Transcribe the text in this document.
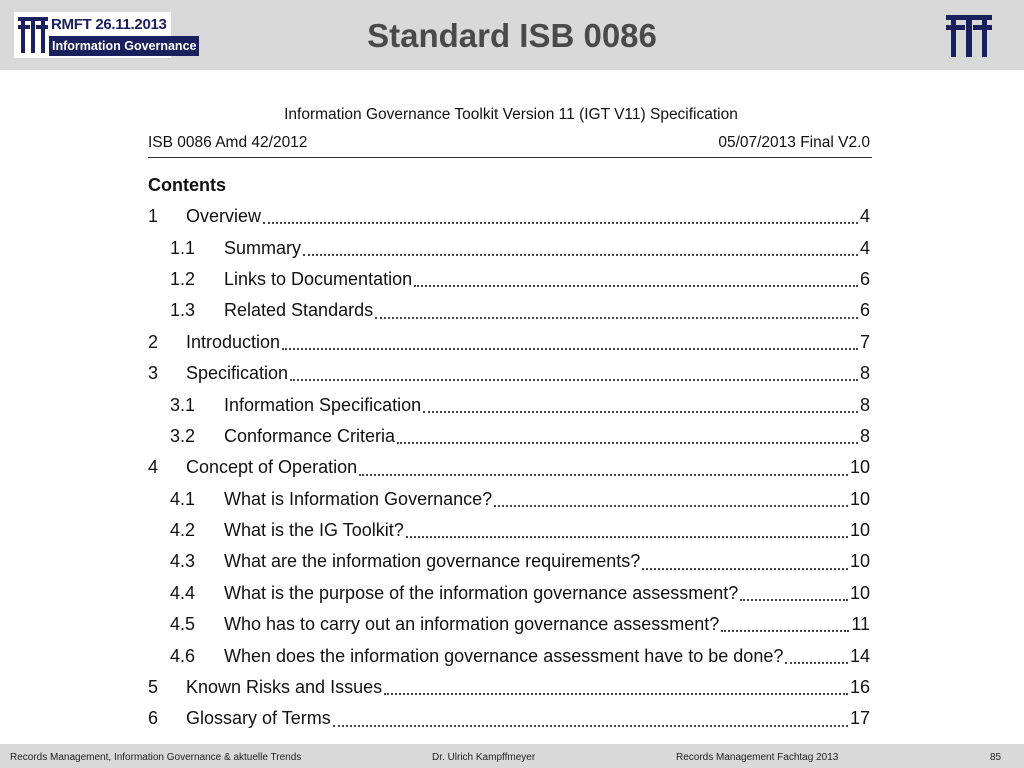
RMFT 26.11.2013
Information Governance	Standard ISB 0086
Information Governance Toolkit Version 11 (IGT V11) Specification
ISB 0086 Amd 42/2012	05/07/2013 Final V2.0
Contents
1	Overview	4
1.1	Summary	4
1.2	Links to Documentation	6
1.3	Related Standards	6
2	Introduction	7
3	Specification	8
3.1	Information Specification	8
3.2	Conformance Criteria	8
4	Concept of Operation	10
4.1	What is Information Governance?	10
4.2	What is the IG Toolkit?	10
4.3	What are the information governance requirements?	10
4.4	What is the purpose of the information governance assessment?	10
4.5	Who has to carry out an information governance assessment?	11
4.6	When does the information governance assessment have to be done?	14
5	Known Risks and Issues	16
6	Glossary of Terms	17
Records Management, Information Governance & aktuelle Trends	Dr. Ulrich Kampffmeyer	Records Management Fachtag 2013	85
